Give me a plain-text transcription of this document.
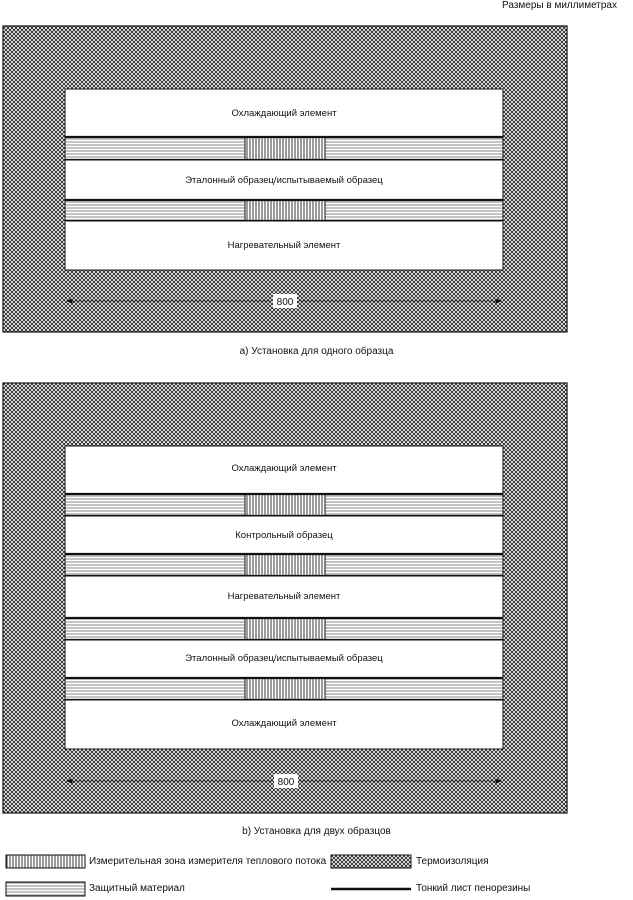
Размеры в миллиметрах
Охлаждающий элемент
Эталонный образец/испытываемый образец
Нагревательный элемент
800
Охлаждающий элемент
Контрольный образец
Нагревательный элемент
Эталонный образец/испытываемый образец
Охлаждающий элемент
800
a) Установка для одного образца
b) Установка для двух образцов
Измерительная зона измерителя теплового потока	Термоизоляция
Защитный материал	Тонкий лист пенорезины
